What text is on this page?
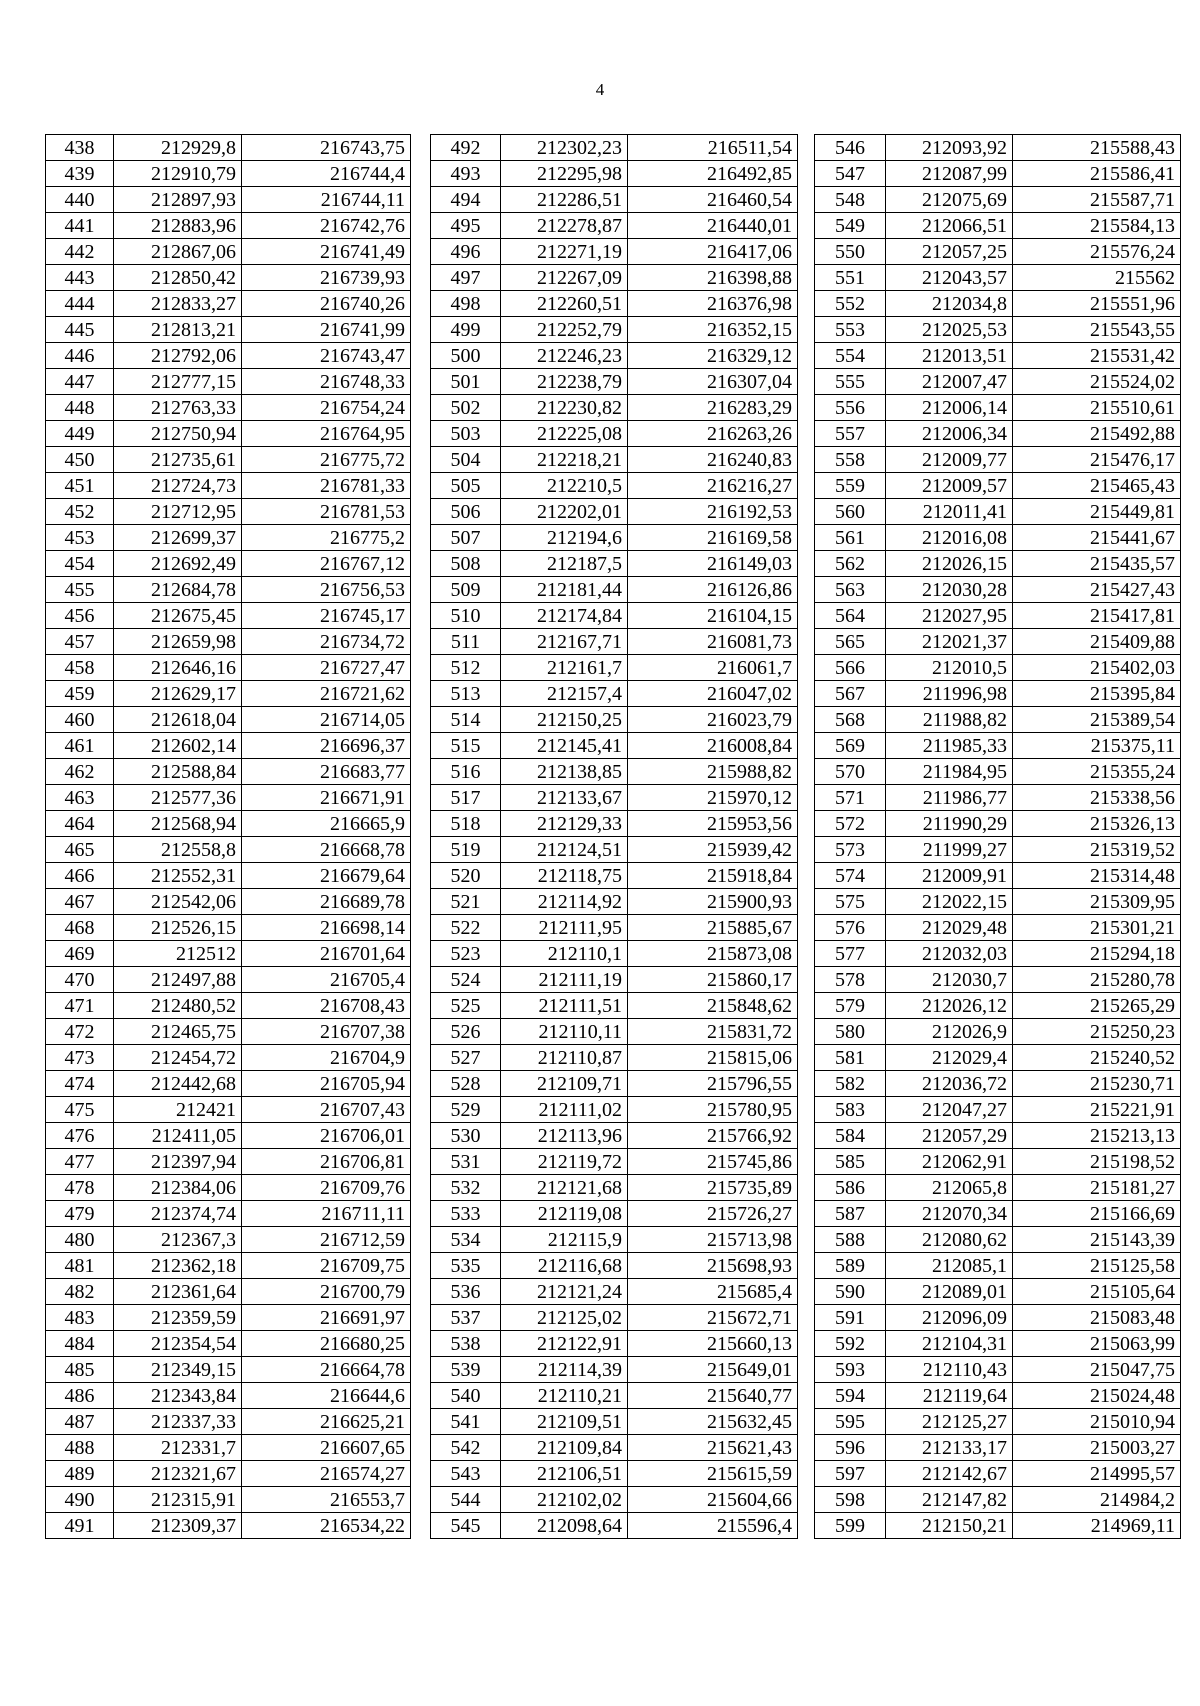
4
438	212929,8	216743,75
439	212910,79	216744,4
440	212897,93	216744,11
441	212883,96	216742,76
442	212867,06	216741,49
443	212850,42	216739,93
444	212833,27	216740,26
445	212813,21	216741,99
446	212792,06	216743,47
447	212777,15	216748,33
448	212763,33	216754,24
449	212750,94	216764,95
450	212735,61	216775,72
451	212724,73	216781,33
452	212712,95	216781,53
453	212699,37	216775,2
454	212692,49	216767,12
455	212684,78	216756,53
456	212675,45	216745,17
457	212659,98	216734,72
458	212646,16	216727,47
459	212629,17	216721,62
460	212618,04	216714,05
461	212602,14	216696,37
462	212588,84	216683,77
463	212577,36	216671,91
464	212568,94	216665,9
465	212558,8	216668,78
466	212552,31	216679,64
467	212542,06	216689,78
468	212526,15	216698,14
469	212512	216701,64
470	212497,88	216705,4
471	212480,52	216708,43
472	212465,75	216707,38
473	212454,72	216704,9
474	212442,68	216705,94
475	212421	216707,43
476	212411,05	216706,01
477	212397,94	216706,81
478	212384,06	216709,76
479	212374,74	216711,11
480	212367,3	216712,59
481	212362,18	216709,75
482	212361,64	216700,79
483	212359,59	216691,97
484	212354,54	216680,25
485	212349,15	216664,78
486	212343,84	216644,6
487	212337,33	216625,21
488	212331,7	216607,65
489	212321,67	216574,27
490	212315,91	216553,7
491	212309,37	216534,22
492	212302,23	216511,54
493	212295,98	216492,85
494	212286,51	216460,54
495	212278,87	216440,01
496	212271,19	216417,06
497	212267,09	216398,88
498	212260,51	216376,98
499	212252,79	216352,15
500	212246,23	216329,12
501	212238,79	216307,04
502	212230,82	216283,29
503	212225,08	216263,26
504	212218,21	216240,83
505	212210,5	216216,27
506	212202,01	216192,53
507	212194,6	216169,58
508	212187,5	216149,03
509	212181,44	216126,86
510	212174,84	216104,15
511	212167,71	216081,73
512	212161,7	216061,7
513	212157,4	216047,02
514	212150,25	216023,79
515	212145,41	216008,84
516	212138,85	215988,82
517	212133,67	215970,12
518	212129,33	215953,56
519	212124,51	215939,42
520	212118,75	215918,84
521	212114,92	215900,93
522	212111,95	215885,67
523	212110,1	215873,08
524	212111,19	215860,17
525	212111,51	215848,62
526	212110,11	215831,72
527	212110,87	215815,06
528	212109,71	215796,55
529	212111,02	215780,95
530	212113,96	215766,92
531	212119,72	215745,86
532	212121,68	215735,89
533	212119,08	215726,27
534	212115,9	215713,98
535	212116,68	215698,93
536	212121,24	215685,4
537	212125,02	215672,71
538	212122,91	215660,13
539	212114,39	215649,01
540	212110,21	215640,77
541	212109,51	215632,45
542	212109,84	215621,43
543	212106,51	215615,59
544	212102,02	215604,66
545	212098,64	215596,4
546	212093,92	215588,43
547	212087,99	215586,41
548	212075,69	215587,71
549	212066,51	215584,13
550	212057,25	215576,24
551	212043,57	215562
552	212034,8	215551,96
553	212025,53	215543,55
554	212013,51	215531,42
555	212007,47	215524,02
556	212006,14	215510,61
557	212006,34	215492,88
558	212009,77	215476,17
559	212009,57	215465,43
560	212011,41	215449,81
561	212016,08	215441,67
562	212026,15	215435,57
563	212030,28	215427,43
564	212027,95	215417,81
565	212021,37	215409,88
566	212010,5	215402,03
567	211996,98	215395,84
568	211988,82	215389,54
569	211985,33	215375,11
570	211984,95	215355,24
571	211986,77	215338,56
572	211990,29	215326,13
573	211999,27	215319,52
574	212009,91	215314,48
575	212022,15	215309,95
576	212029,48	215301,21
577	212032,03	215294,18
578	212030,7	215280,78
579	212026,12	215265,29
580	212026,9	215250,23
581	212029,4	215240,52
582	212036,72	215230,71
583	212047,27	215221,91
584	212057,29	215213,13
585	212062,91	215198,52
586	212065,8	215181,27
587	212070,34	215166,69
588	212080,62	215143,39
589	212085,1	215125,58
590	212089,01	215105,64
591	212096,09	215083,48
592	212104,31	215063,99
593	212110,43	215047,75
594	212119,64	215024,48
595	212125,27	215010,94
596	212133,17	215003,27
597	212142,67	214995,57
598	212147,82	214984,2
599	212150,21	214969,11
